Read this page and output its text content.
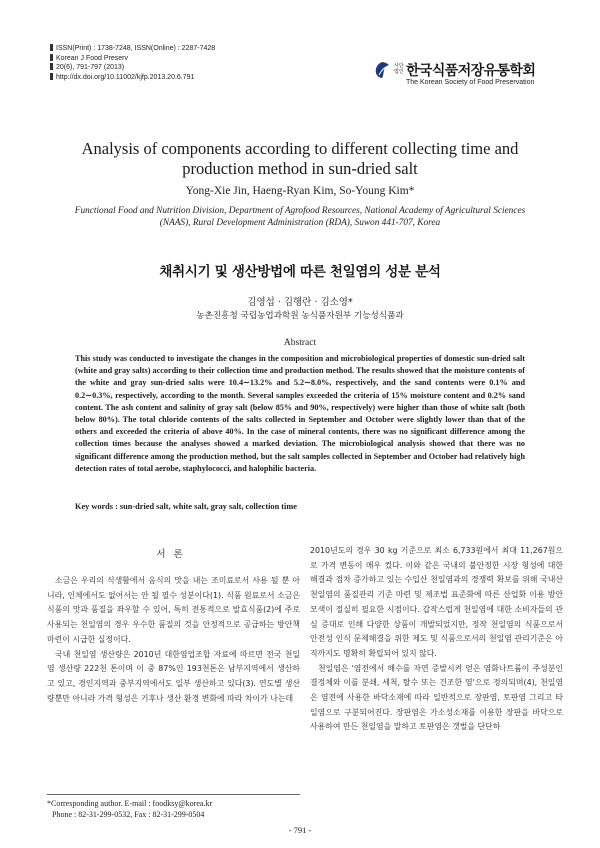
ISSN(Print) : 1738-7248, ISSN(Online) : 2287-7428
Korean J Food Preserv
20(6), 791-797 (2013)
http://dx.doi.org/10.11002/kjfp.2013.20.6.791
사단법인 한국식품저장유통학회
The Korean Society of Food Preservation
Analysis of components according to different collecting time and
production method in sun-dried salt
Yong-Xie Jin, Haeng-Ryan Kim, So-Young Kim*
Functional Food and Nutrition Division, Department of Agrofood Resources, National Academy of Agricultural Sciences
(NAAS), Rural Development Administration (RDA), Suwon 441-707, Korea
채취시기 및 생산방법에 따른 천일염의 성분 분석
김영섭 · 김행란 · 김소영*
농촌진흥청 국립농업과학원 농식품자원부 기능성식품과
Abstract
This study was conducted to investigate the changes in the composition and microbiological properties of domestic sun-dried salt (white and gray salts) according to their collection time and production method. The results showed that the moisture contents of the white and gray sun-dried salts were 10.4∼13.2% and 5.2∼8.0%, respectively, and the sand contents were 0.1% and 0.2∼0.3%, respectively, according to the month. Several samples exceeded the criteria of 15% moisture content and 0.2% sand content. The ash content and salinity of gray salt (below 85% and 90%, respectively) were higher than those of white salt (both below 80%). The total chloride contents of the salts collected in September and October were slightly lower than that of the others and exceeded the criteria of above 40%. In the case of mineral contents, there was no significant difference among the collection times because the analyses showed a marked deviation. The microbiological analysis showed that there was no significant difference among the production method, but the salt samples collected in September and October had relatively high detection rates of total aerobe, staphylococci, and halophilic bacteria.
Key words : sun-dried salt, white salt, gray salt, collection time
서론

소금은 우리의 식생활에서 음식의 맛을 내는 조미료로서 사용 될 뿐 아니라, 인체에서도 없어서는 안 될 필수 성분이다(1). 식품 원료로서 소금은 식품의 맛과 품질을 좌우할 수 있어, 특히 전통적으로 발효식품(2)에 주로 사용되는 천일염의 경우 우수한 품질의 것을 안정적으로 공급하는 방안책 마련이 시급한 실정이다.

국내 천일염 생산량은 2010년 대한염업조합 자료에 따르면 전국 천일염 생산량 222천 톤이며 이 중 87%인 193천톤은 남부지역에서 생산하고 있고, 경인지역과 중부지역에서도 일부 생산하고 있다(3). 연도별 생산량뿐만 아니라 가격 형성은 기후나 생산 환경 변화에 따라 차이가 나는데

2010년도의 경우 30 kg 기준으로 최소 6,733원에서 최대 11,267원으로 가격 변동이 매우 컸다. 이와 같은 국내의 불안정한 시장 형성에 대한 해결과 점차 증가하고 있는 수입산 천일염과의 경쟁력 확보를 위해 국내산 천일염의 품질관리 기준 마련 및 제조법 표준화에 따른 산업화 이용 방안 모색이 절실히 필요한 시점이다. 갑작스럽게 천일염에 대한 소비자들의 관심 증대로 인해 다양한 상품이 개발되었지만, 정작 천일염의 식품으로서 안전성 인식 문제해결을 위한 제도 및 식품으로서의 천일염 관리기준은 아직까지도 명확히 확립되어 있지 않다.

천일염은 '염전에서 해수를 자연 증발시켜 얻은 염화나트륨이 주성분인 결정체와 이를 분쇄, 세척, 탈수 또는 건조한 염'으로 정의되며(4), 천일염은 염전에 사용한 바닥소재에 따라 일반적으로 장판염, 토판염 그리고 타일염으로 구분되어진다. 장판염은 가소성소재를 이용한 장판을 바닥으로 사용하여 만든 천일염을 말하고 토판염은 갯벌을 단단하

*Corresponding author. E-mail : foodksy@korea.kr
Phone : 82-31-299-0532, Fax : 82-31-299-0504
- 791 -
